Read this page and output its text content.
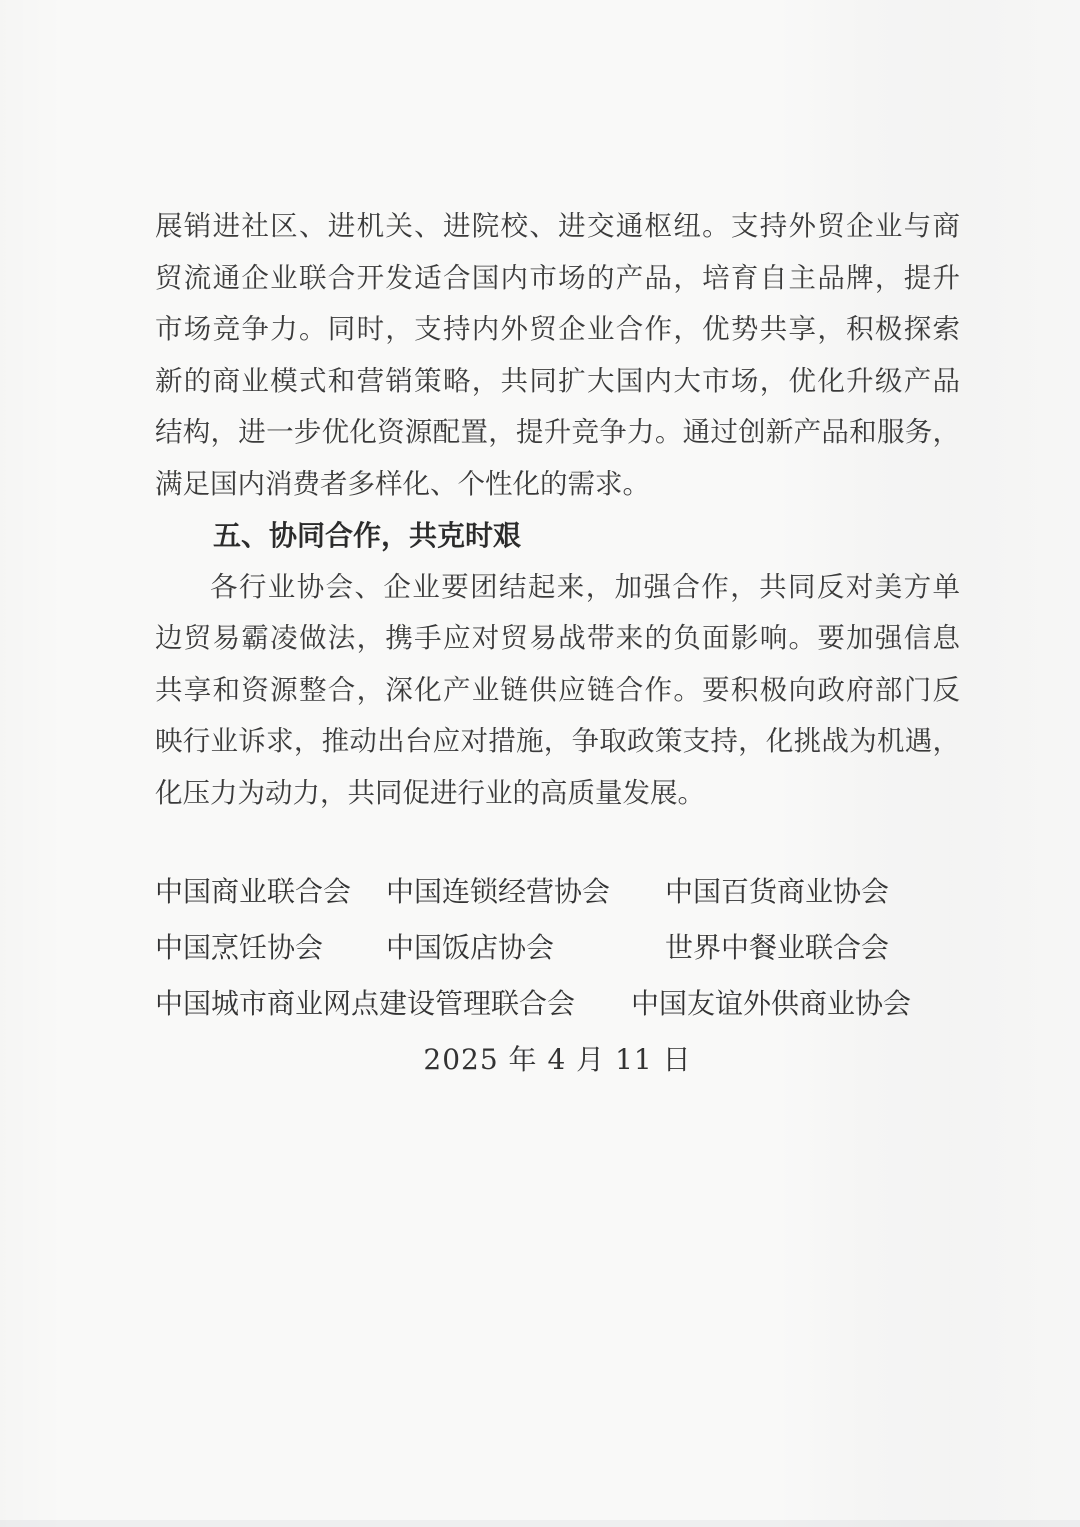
展销进社区、进机关、进院校、进交通枢纽。支持外贸企业与商
贸流通企业联合开发适合国内市场的产品，培育自主品牌，提升
市场竞争力。同时，支持内外贸企业合作，优势共享，积极探索
新的商业模式和营销策略，共同扩大国内大市场，优化升级产品
结构，进一步优化资源配置，提升竞争力。通过创新产品和服务，
满足国内消费者多样化、个性化的需求。
五、协同合作，共克时艰
各行业协会、企业要团结起来，加强合作，共同反对美方单
边贸易霸凌做法，携手应对贸易战带来的负面影响。要加强信息
共享和资源整合，深化产业链供应链合作。要积极向政府部门反
映行业诉求，推动出台应对措施，争取政策支持，化挑战为机遇，
化压力为动力，共同促进行业的高质量发展。
中国商业联合会	中国连锁经营协会	中国百货商业协会
中国烹饪协会	中国饭店协会	世界中餐业联合会
中国城市商业网点建设管理联合会 中国友谊外供商业协会
2025 年 4 月 11 日
